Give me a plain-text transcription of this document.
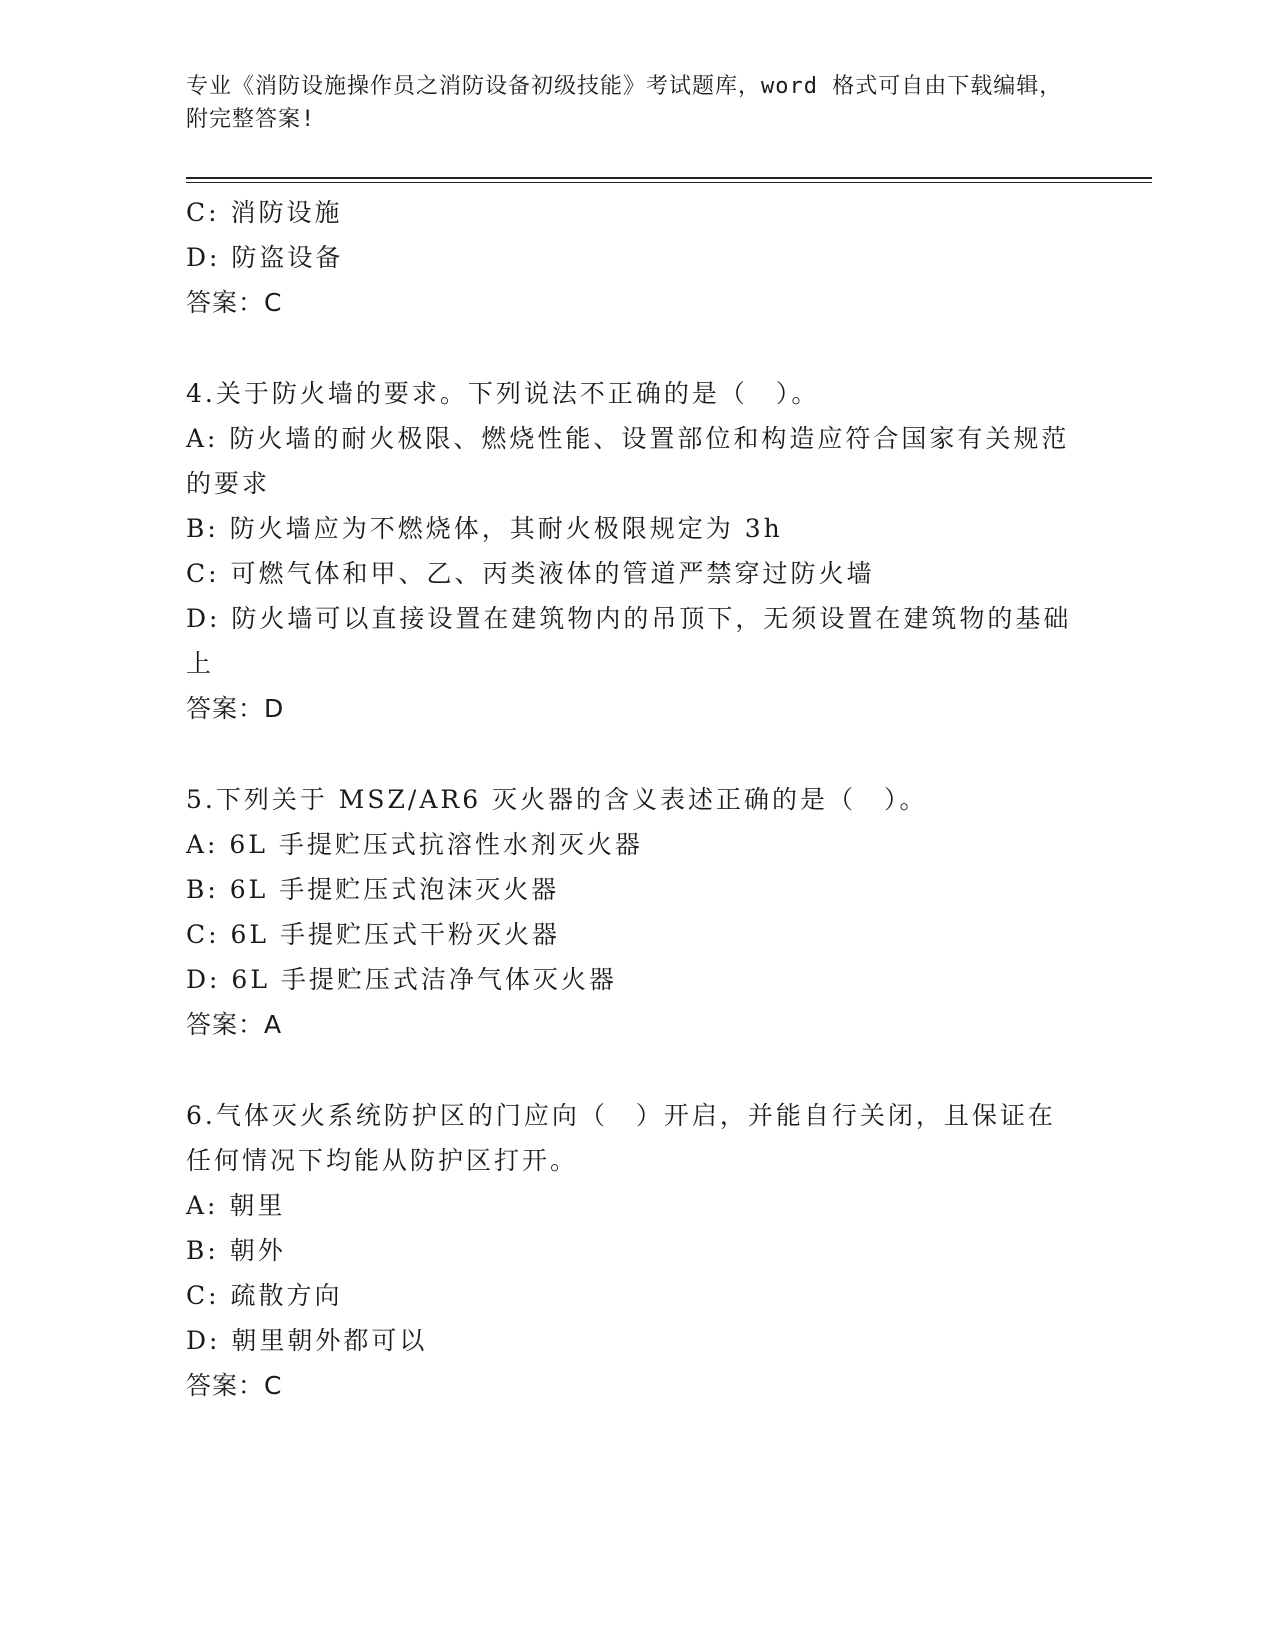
专业《消防设施操作员之消防设备初级技能》考试题库，word 格式可自由下载编辑，附完整答案!

C: 消防设施

D: 防盗设备

答案：C

4.关于防火墙的要求。下列说法不正确的是（　）。

A: 防火墙的耐火极限、燃烧性能、设置部位和构造应符合国家有关规范的要求

B: 防火墙应为不燃烧体，其耐火极限规定为 3h

C: 可燃气体和甲、乙、丙类液体的管道严禁穿过防火墙

D: 防火墙可以直接设置在建筑物内的吊顶下，无须设置在建筑物的基础上

答案：D

5.下列关于 MSZ/AR6 灭火器的含义表述正确的是（　）。

A: 6L 手提贮压式抗溶性水剂灭火器

B: 6L 手提贮压式泡沫灭火器

C: 6L 手提贮压式干粉灭火器

D: 6L 手提贮压式洁净气体灭火器

答案：A

6.气体灭火系统防护区的门应向（　）开启，并能自行关闭，且保证在任何情况下均能从防护区打开。

A: 朝里

B: 朝外

C: 疏散方向

D: 朝里朝外都可以

答案：C
